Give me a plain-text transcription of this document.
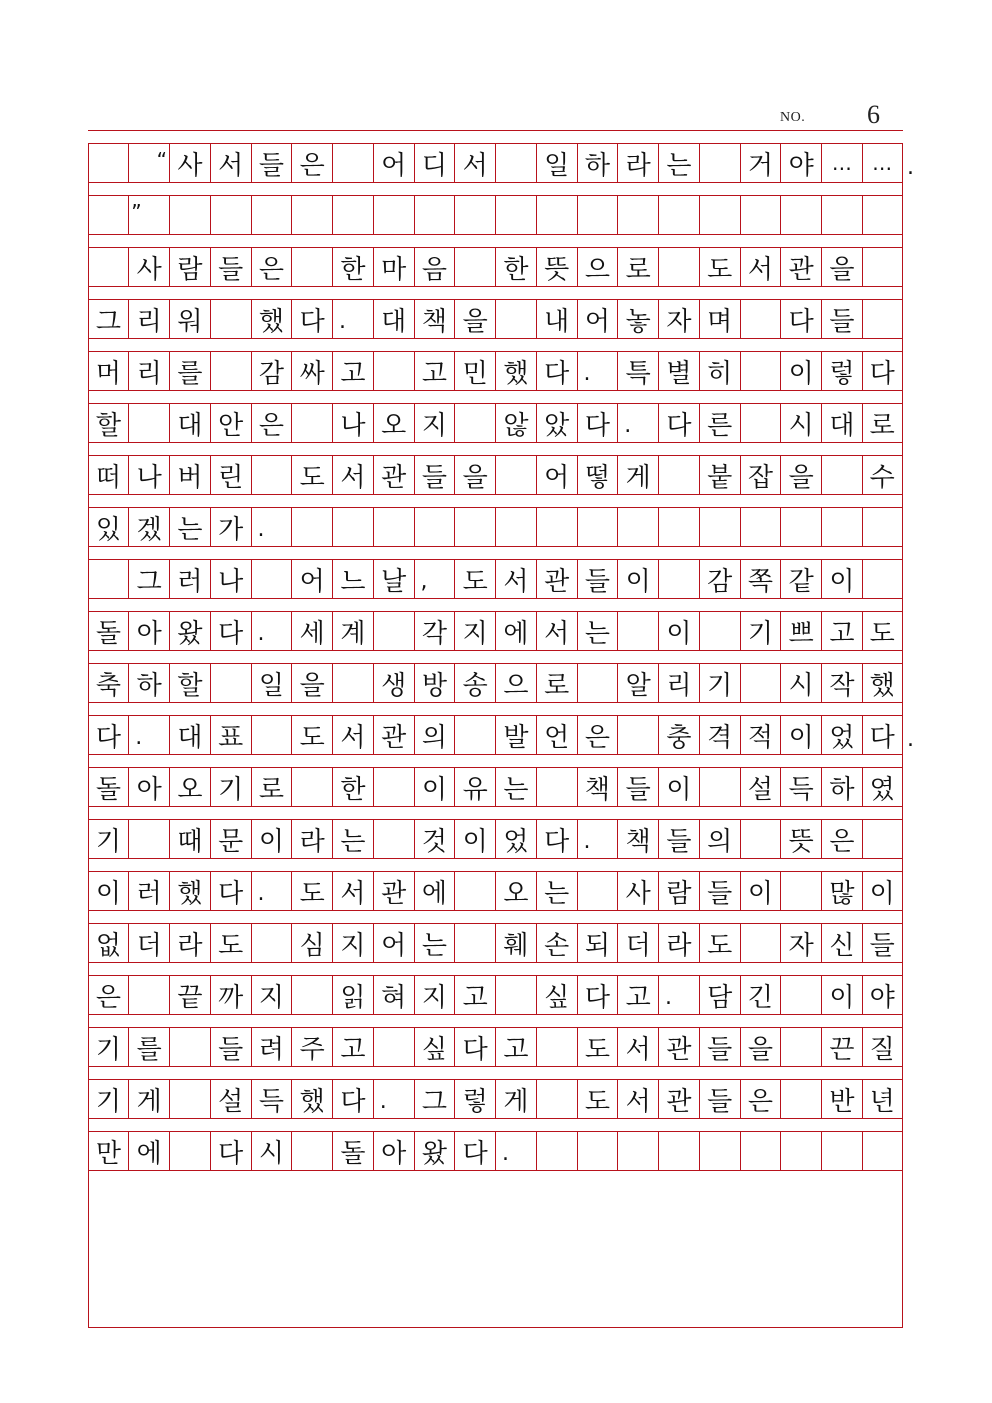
NO. 6
“ 사 서 들 은	어 디 서	일 하 라 는	거 야 …	… .
”
사 람 들 은	한 마 음	한 뜻 으 로	도 서 관 을
그 리 워	했 다 .	대 책 을	내 어 놓 자 며	다 들
머 리 를	감 싸 고	고 민 했 다 .	특 별 히	이 렇 다
할	대 안 은	나 오 지	않 았 다 .	다 른	시 대 로
떠 나 버 린	도 서 관 들 을	어 떻 게	붙 잡 을	수
있 겠 는 가 .
그 러 나	어 느 날 ,	도 서 관 들 이	감 쪽 같 이
돌 아 왔 다 .	세 계	각 지 에 서 는	이	기 쁘 고 도
축 하 할	일 을	생 방 송 으 로	알 리 기	시 작 했
다 .	대 표	도 서 관 의	발 언 은	충 격 적 이 었 다 .
돌 아 오 기 로	한	이 유 는	책 들 이	설 득 하 였
기	때 문 이 라 는	것 이 었 다 .	책 들 의	뜻 은
이 러 했 다 .	도 서 관 에	오 는	사 람 들 이	많 이
없 더 라 도	심 지 어 는	훼 손 되 더 라 도	자 신 들
은	끝 까 지	읽 혀 지 고	싶 다 고 .	담 긴	이 야
기 를	들 려 주 고	싶 다 고	도 서 관 들 을	끈 질
기 게	설 득 했 다 .	그 렇 게	도 서 관 들 은	반 년
만 에	다 시	돌 아 왔 다 .
